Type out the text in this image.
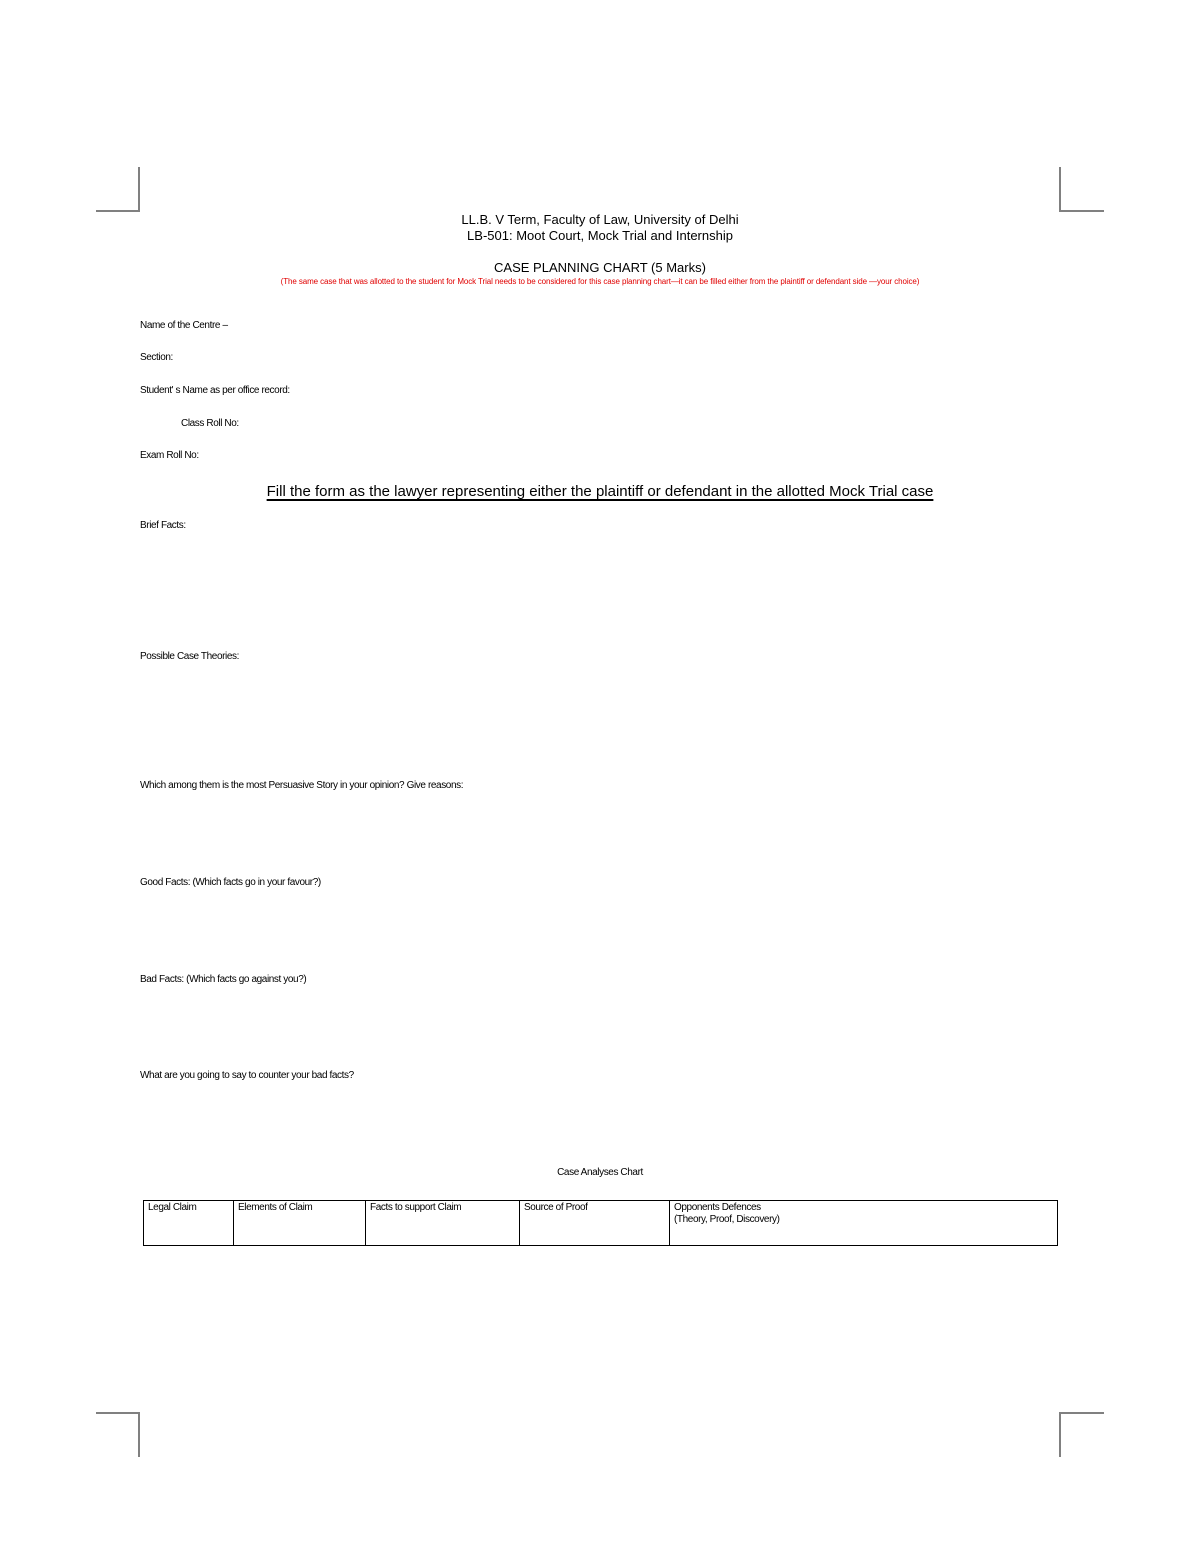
LL.B. V Term, Faculty of Law, University of Delhi
LB-501: Moot Court, Mock Trial and Internship
CASE PLANNING CHART (5 Marks)
(The same case that was allotted to the student for Mock Trial needs to be considered for this case planning chart—it can be filled either from the plaintiff or defendant side —your choice)
Name of the Centre –
Section:
Student' s Name as per office record:
Class Roll No:
Exam Roll No:
Fill the form as the lawyer representing either the plaintiff or defendant in the allotted Mock Trial case
Brief Facts:
Possible Case Theories:
Which among them is the most Persuasive Story in your opinion? Give reasons:
Good Facts: (Which facts go in your favour?)
Bad Facts: (Which facts go against you?)
What are you going to say to counter your bad facts?
Case Analyses Chart
Legal Claim	Elements of Claim	Facts to support Claim	Source of Proof	Opponents Defences
(Theory, Proof, Discovery)
